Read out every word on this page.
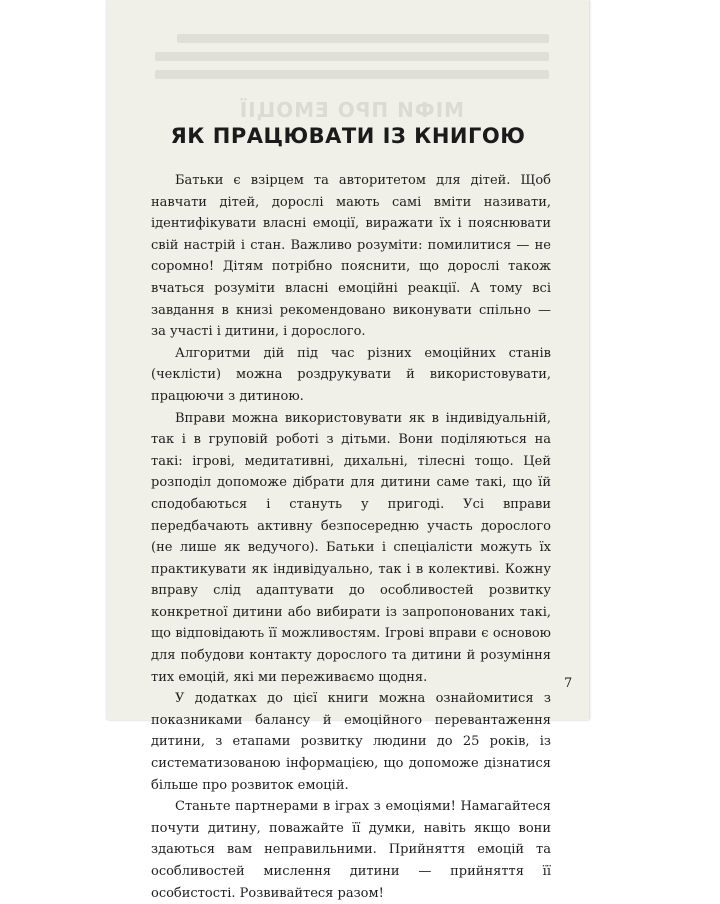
МІФИ ПРО ЕМОЦІЇ
ЯК ПРАЦЮВАТИ ІЗ КНИГОЮ

Батьки є взірцем та авторитетом для дітей. Щоб навчати дітей, дорослі мають самі вміти називати, ідентифікувати власні емоції, виражати їх і пояснювати свій настрій і стан. Важливо розуміти: помилитися — не соромно! Дітям потрібно пояснити, що дорослі також вчаться розуміти власні емоційні реакції. А тому всі завдання в книзі рекомендовано виконувати спільно — за участі і дитини, і дорослого.

Алгоритми дій під час різних емоційних станів (чеклісти) можна роздрукувати й використовувати, працюючи з дитиною.

Вправи можна використовувати як в індивідуальній, так і в груповій роботі з дітьми. Вони поділяються на такі: ігрові, медитативні, дихальні, тілесні тощо. Цей розподіл допоможе дібрати для дитини саме такі, що їй сподобаються і стануть у пригоді. Усі вправи передбачають активну безпосередню участь дорослого (не лише як ведучого). Батьки і спеціалісти можуть їх практикувати як індивідуально, так і в колективі. Кожну вправу слід адаптувати до особливостей розвитку конкретної дитини або вибирати із запропонованих такі, що відповідають її можливостям. Ігрові вправи є основою для побудови контакту дорослого та дитини й розуміння тих емоцій, які ми переживаємо щодня.

У додатках до цієї книги можна ознайомитися з показниками балансу й емоційного перевантаження дитини, з етапами розвитку людини до 25 років, із систематизованою інформацією, що допоможе дізнатися більше про розвиток емоцій.

Станьте партнерами в іграх з емоціями! Намагайтеся почути дитину, поважайте її думки, навіть якщо вони здаються вам неправильними. Прийняття емоцій та особливостей мислення дитини — прийняття її особистості. Розвивайтеся разом!

7
